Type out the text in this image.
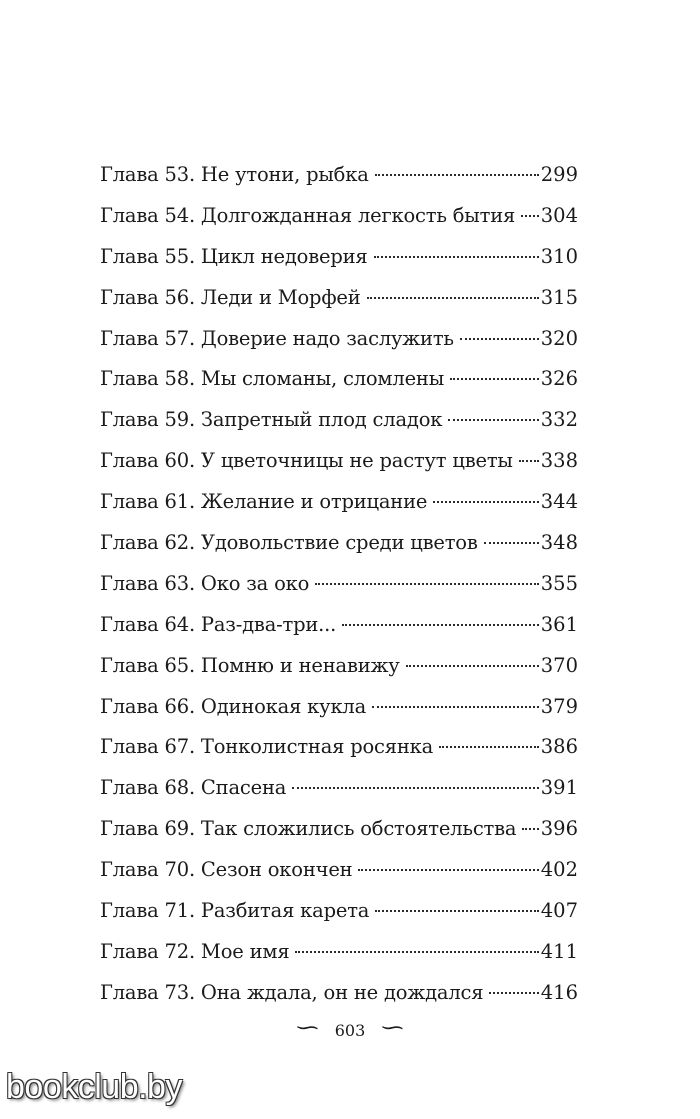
Глава 53. Не утони, рыбка	299
Глава 54. Долгожданная легкость бытия 304
Глава 55. Цикл недоверия	310
Глава 56. Леди и Морфей	315
Глава 57. Доверие надо заслужить	320
Глава 58. Мы сломаны, сломлены	326
Глава 59. Запретный плод сладок	332
Глава 60. У цветочницы не растут цветы 338
Глава 61. Желание и отрицание	344
Глава 62. Удовольствие среди цветов	348
Глава 63. Око за око	355
Глава 64. Раз-два-три...	361
Глава 65. Помню и ненавижу	370
Глава 66. Одинокая кукла	379
Глава 67. Тонколистная росянка	386
Глава 68. Спасена	391
Глава 69. Так сложились обстоятельства 396
Глава 70. Сезон окончен	402
Глава 71. Разбитая карета	407
Глава 72. Мое имя	411
Глава 73. Она ждала, он не дождался	416
∽ 603 ∽
bookclub.by
